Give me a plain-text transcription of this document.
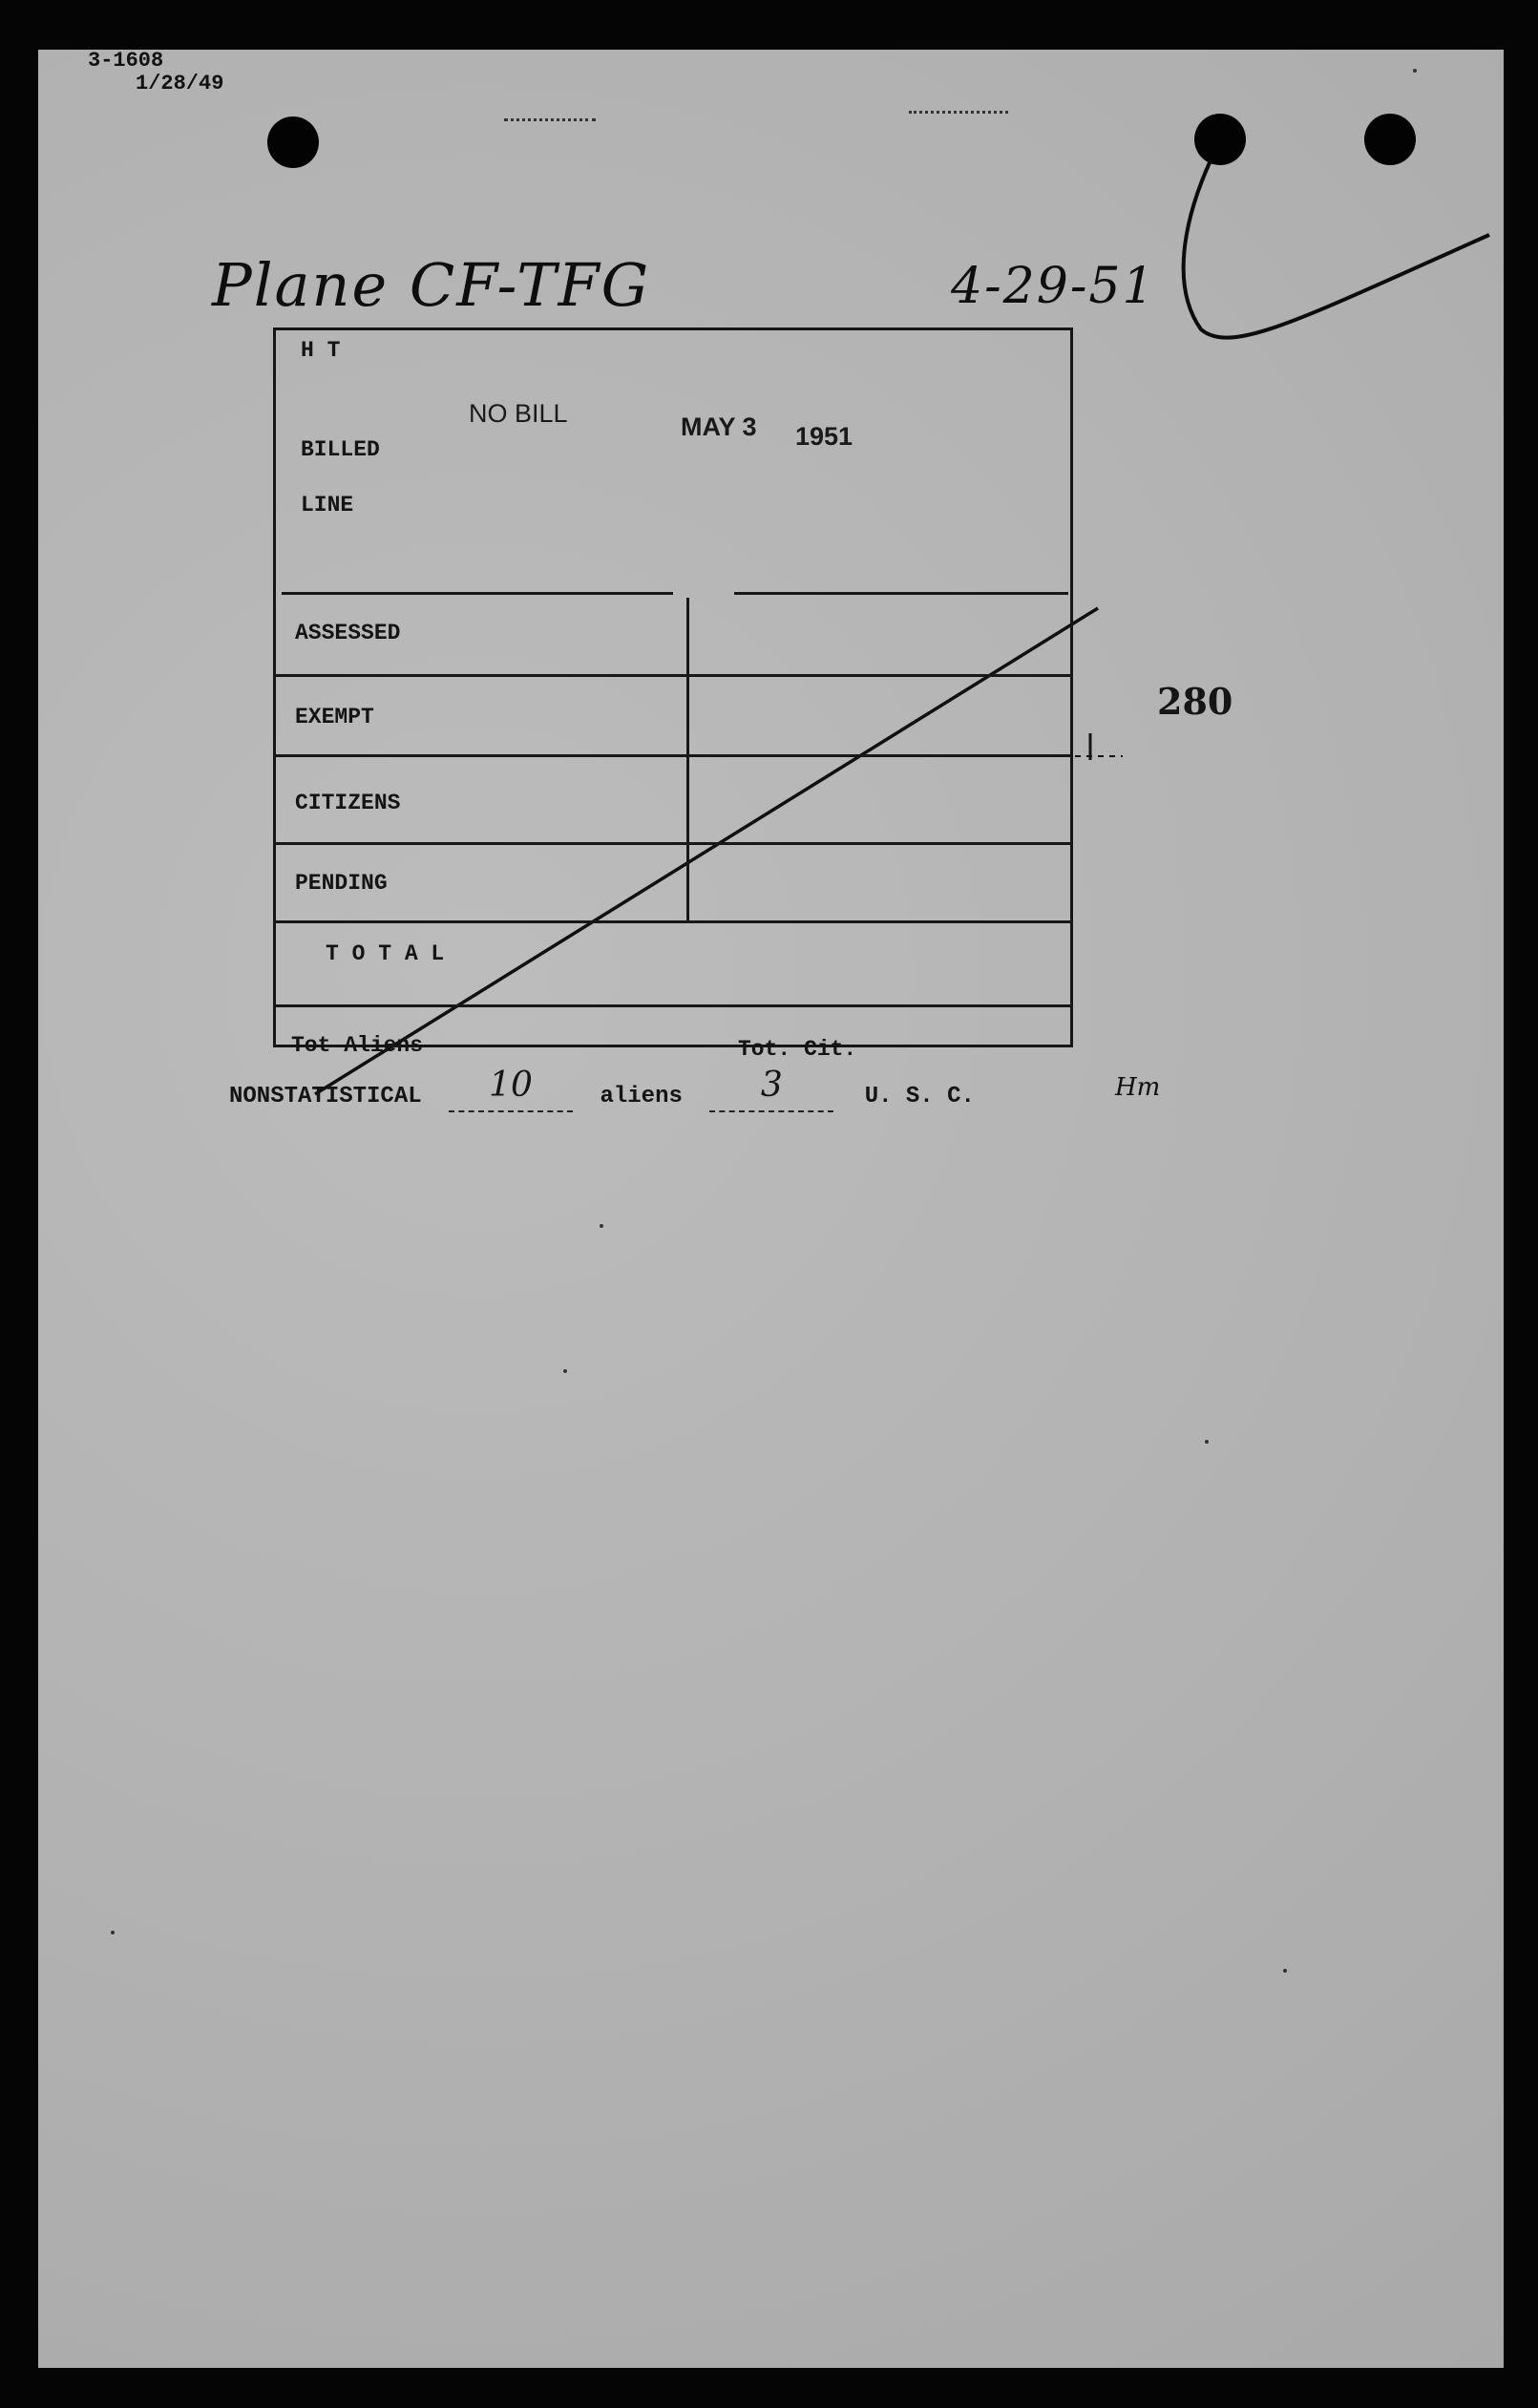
3-1608
1/28/49
Plane CF-TFG	4-29-51
H T
BILLED
LINE
NO BILL	MAY 3 1951
ASSESSED
EXEMPT
CITIZENS
PENDING
T O T A L
Tot Aliens	Tot. Cit.
Hm
280
NONSTATISTICAL 10	aliens 3	U. S. C.
